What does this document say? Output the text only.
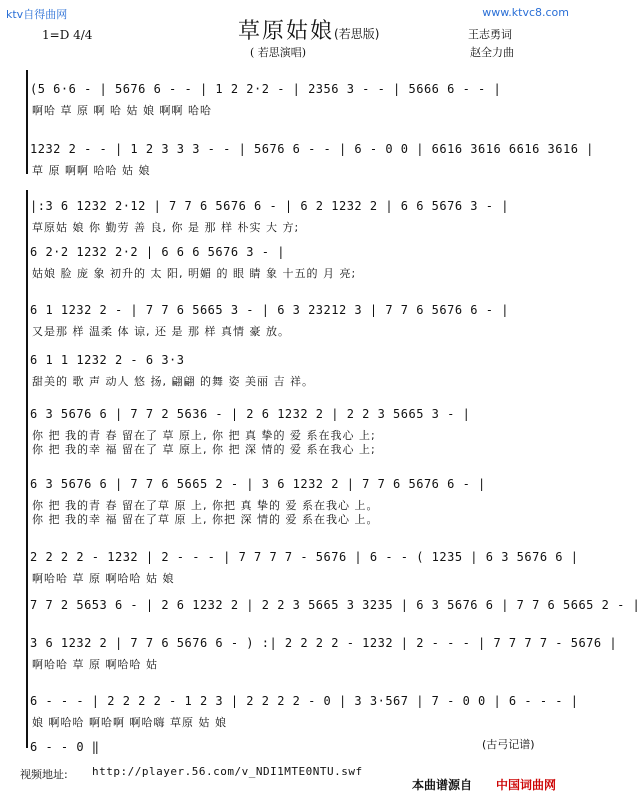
ktv自得曲网	www.ktvc8.com
草原姑娘(若思版)
1=D 4/4
( 若思演唱)
王志勇词
赵全力曲
(5 6·6 - | 5676 6 - - | 1 2 2·2 - | 2356 3 - - | 5666 6 - - |
啊哈 草 原 啊 哈 姑 娘 啊啊 哈哈
1232 2 - - | 1 2 3 3 3 - - | 5676 6 - - | 6 - 0 0 | 6616 3616 6616 3616 |
草 原 啊啊 哈哈 姑 娘
|:3 6 1232 2·12 | 7 7 6 5676 6 - | 6 2 1232 2 | 6 6 5676 3 - |
草原姑 娘 你 勤劳 善 良, 你 是 那 样 朴实 大 方;
6 2·2 1232 2·2 | 6 6 6 5676 3 - |
姑娘 脸 庞 象 初升的 太 阳, 明媚 的 眼 睛 象 十五的 月 亮;
6 1 1232 2 - | 7 7 6 5665 3 - | 6 3 23212 3 | 7 7 6 5676 6 - |
又是那 样 温柔 体 谅, 还 是 那 样 真情 豪 放。
6 1 1 1232 2 - 6 3·3
甜美的 歌 声 动人 悠 扬, 翩翩 的舞 姿 美丽 吉 祥。
6 3 5676 6 | 7 7 2 5636 - | 2 6 1232 2 | 2 2 3 5665 3 - |
你 把 我的青 春 留在了 草 原上, 你 把 真 挚的 爱 系在我心 上;
你 把 我的幸 福 留在了 草 原上, 你 把 深 情的 爱 系在我心 上;
6 3 5676 6 | 7 7 6 5665 2 - | 3 6 1232 2 | 7 7 6 5676 6 - |
你 把 我的青 春 留在了草 原 上, 你把 真 挚的 爱 系在我心 上。
你 把 我的幸 福 留在了草 原 上, 你把 深 情的 爱 系在我心 上。
2 2 2 2 - 1232 | 2 - - - | 7 7 7 7 - 5676 | 6 - - ( 1235 | 6 3 5676 6 |
啊哈哈 草 原 啊哈哈 姑 娘
7 7 2 5653 6 - | 2 6 1232 2 | 2 2 3 5665 3 3235 | 6 3 5676 6 | 7 7 6 5665 2 - |
3 6 1232 2 | 7 7 6 5676 6 - ) :| 2 2 2 2 - 1232 | 2 - - - | 7 7 7 7 - 5676 |
啊哈哈 草 原 啊哈哈 姑
6 - - - | 2 2 2 2 - 1 2 3 | 2 2 2 2 - 0 | 3 3·567 | 7 - 0 0 | 6 - - - |
娘 啊哈哈 啊哈啊 啊哈嗨 草原 姑 娘
6 - - 0 ‖	(古弓记谱)
视频地址: http://player.56.com/v_NDI1MTE0NTU.swf
本曲谱源自 中国词曲网
